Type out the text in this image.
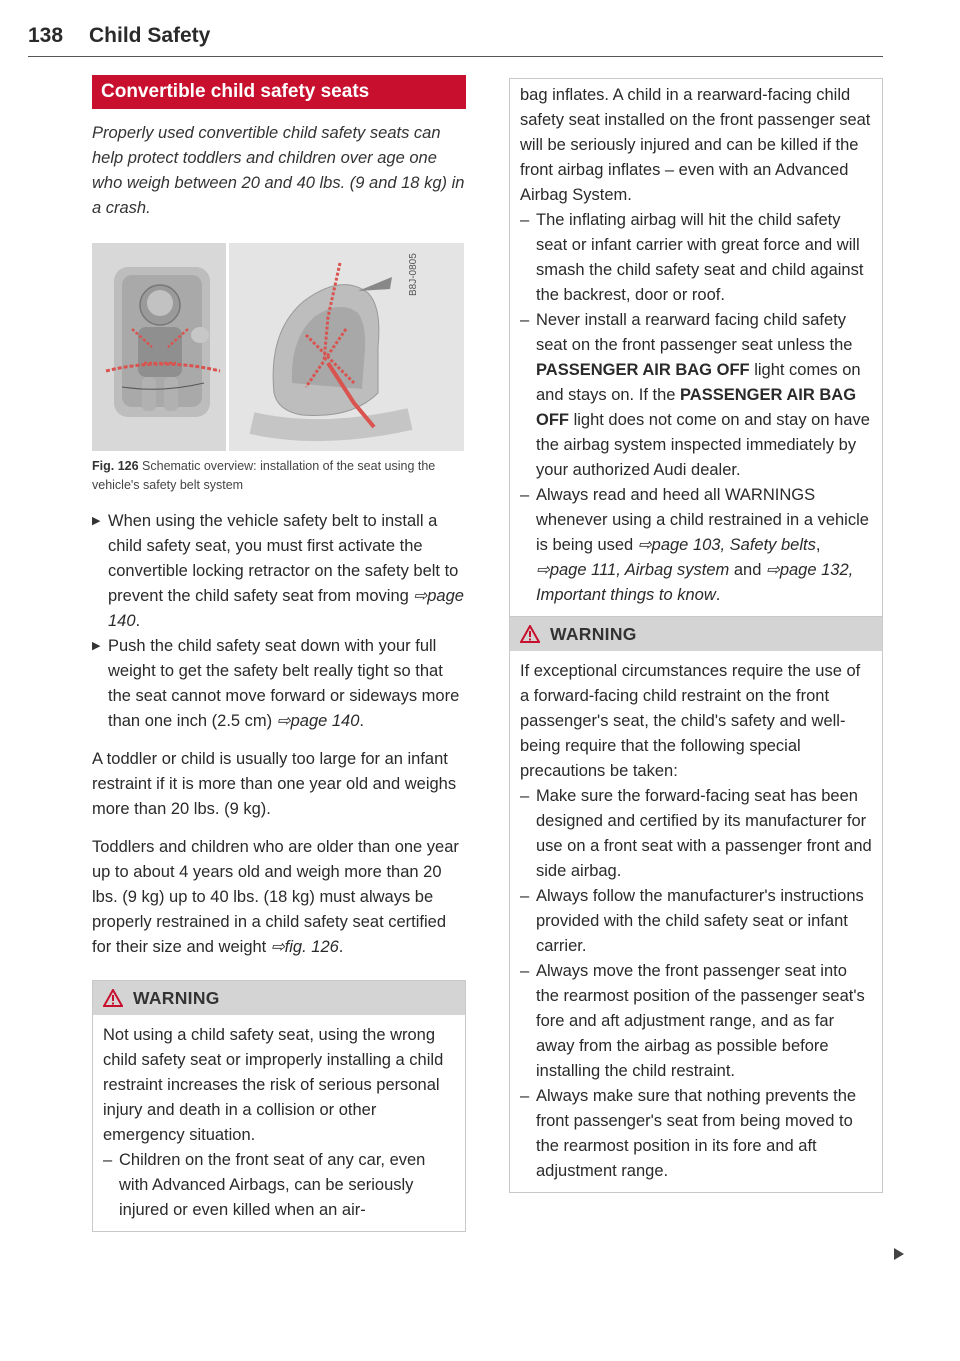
138 Child Safety
Convertible child safety seats

Properly used convertible child safety seats can help protect toddlers and children over age one who weigh between 20 and 40 lbs. (9 and 18 kg) in a crash.

B8J-0805
Fig. 126 Schematic overview: installation of the seat using the vehicle's safety belt system
▶ When using the vehicle safety belt to install a child safety seat, you must first activate the convertible locking retractor on the safety belt to prevent the child safety seat from moving ⇨page 140.
▶ Push the child safety seat down with your full weight to get the safety belt really tight so that the seat cannot move forward or sideways more than one inch (2.5 cm) ⇨page 140.

A toddler or child is usually too large for an infant restraint if it is more than one year old and weighs more than 20 lbs. (9 kg).

Toddlers and children who are older than one year up to about 4 years old and weigh more than 20 lbs. (9 kg) up to 40 lbs. (18 kg) must always be properly restrained in a child safety seat certified for their size and weight ⇨fig. 126.

WARNING

Not using a child safety seat, using the wrong child safety seat or improperly installing a child restraint increases the risk of serious personal injury and death in a collision or other emergency situation.

– Children on the front seat of any car, even with Advanced Airbags, can be seriously injured or even killed when an air-

bag inflates. A child in a rearward-facing child safety seat installed on the front passenger seat will be seriously injured and can be killed if the front airbag inflates – even with an Advanced Airbag System.

– The inflating airbag will hit the child safety seat or infant carrier with great force and will smash the child safety seat and child against the backrest, door or roof.
– Never install a rearward facing child safety seat on the front passenger seat unless the PASSENGER AIR BAG OFF light comes on and stays on. If the PASSENGER AIR BAG OFF light does not come on and stay on have the airbag system inspected immediately by your authorized Audi dealer.
– Always read and heed all WARNINGS whenever using a child restrained in a vehicle is being used ⇨page 103, Safety belts, ⇨page 111, Airbag system and ⇨page 132, Important things to know.
WARNING

If exceptional circumstances require the use of a forward-facing child restraint on the front passenger's seat, the child's safety and well-being require that the following special precautions be taken:

– Make sure the forward-facing seat has been designed and certified by its manufacturer for use on a front seat with a passenger front and side airbag.
– Always follow the manufacturer's instructions provided with the child safety seat or infant carrier.
– Always move the front passenger seat into the rearmost position of the passenger seat's fore and aft adjustment range, and as far away from the airbag as possible before installing the child restraint.
– Always make sure that nothing prevents the front passenger's seat from being moved to the rearmost position in its fore and aft adjustment range.
